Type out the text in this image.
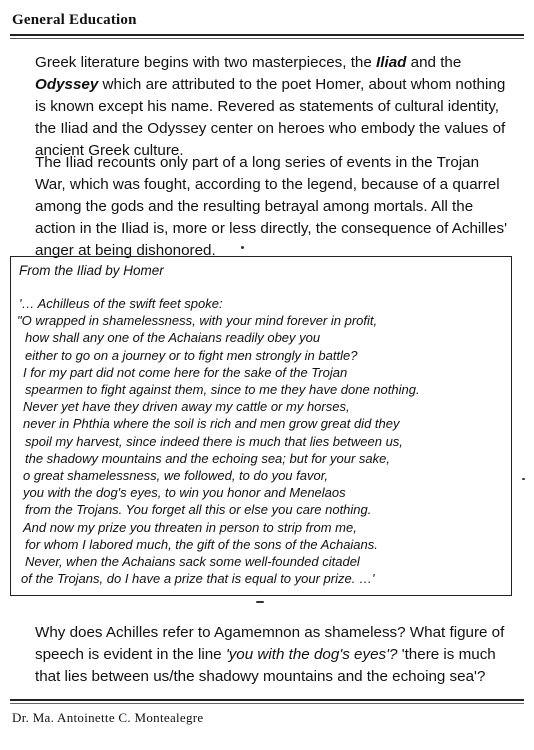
General Education

Greek literature begins with two masterpieces, the Iliad and the Odyssey which are attributed to the poet Homer, about whom nothing is known except his name. Revered as statements of cultural identity, the Iliad and the Odyssey center on heroes who embody the values of ancient Greek culture.

The Iliad recounts only part of a long series of events in the Trojan War, which was fought, according to the legend, because of a quarrel among the gods and the resulting betrayal among mortals. All the action in the Iliad is, more or less directly, the consequence of Achilles' anger at being dishonored.

From the Iliad by Homer
'… Achilleus of the swift feet spoke:
"O wrapped in shamelessness, with your mind forever in profit,
how shall any one of the Achaians readily obey you
either to go on a journey or to fight men strongly in battle?
I for my part did not come here for the sake of the Trojan
spearmen to fight against them, since to me they have done nothing.
Never yet have they driven away my cattle or my horses,
never in Phthia where the soil is rich and men grow great did they
spoil my harvest, since indeed there is much that lies between us,
the shadowy mountains and the echoing sea; but for your sake,
o great shamelessness, we followed, to do you favor,
you with the dog's eyes, to win you honor and Menelaos
from the Trojans. You forget all this or else you care nothing.
And now my prize you threaten in person to strip from me,
for whom I labored much, the gift of the sons of the Achaians.
Never, when the Achaians sack some well-founded citadel
of the Trojans, do I have a prize that is equal to your prize. …'

Why does Achilles refer to Agamemnon as shameless? What figure of speech is evident in the line 'you with the dog's eyes'? 'there is much that lies between us/the shadowy mountains and the echoing sea'?

Dr. Ma. Antoinette C. Montealegre
